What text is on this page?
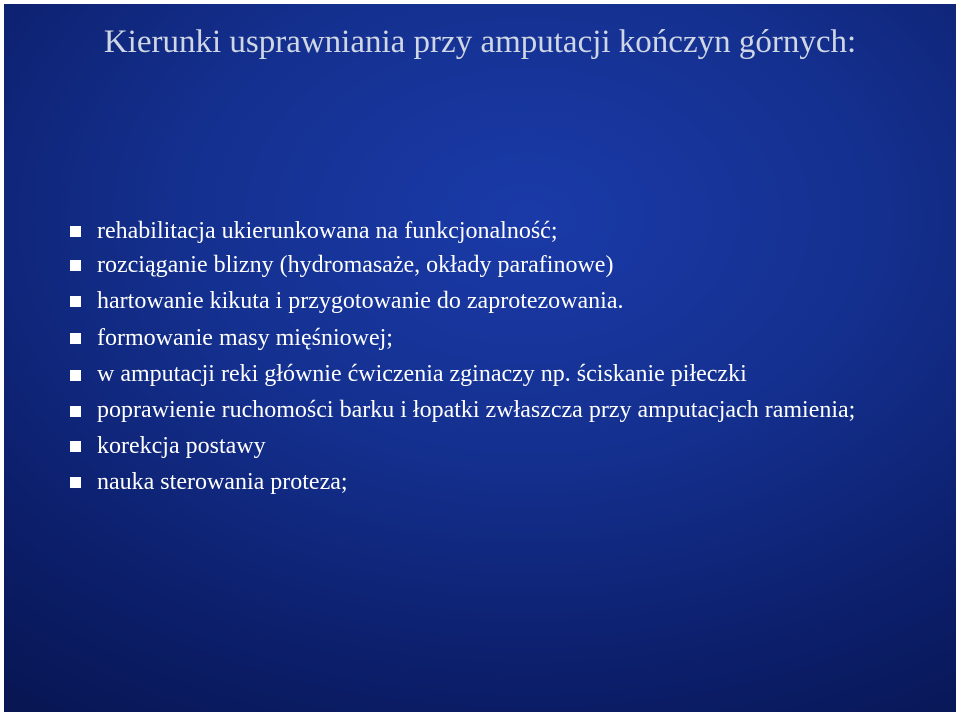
Kierunki usprawniania przy amputacji kończyn górnych:
rehabilitacja ukierunkowana na funkcjonalność;
rozciąganie blizny (hydromasaże, okłady parafinowe)
hartowanie kikuta i przygotowanie do zaprotezowania.
formowanie masy mięśniowej;
w amputacji reki głównie ćwiczenia zginaczy np. ściskanie piłeczki
poprawienie ruchomości barku i łopatki zwłaszcza przy amputacjach ramienia;
korekcja postawy
nauka sterowania proteza;
